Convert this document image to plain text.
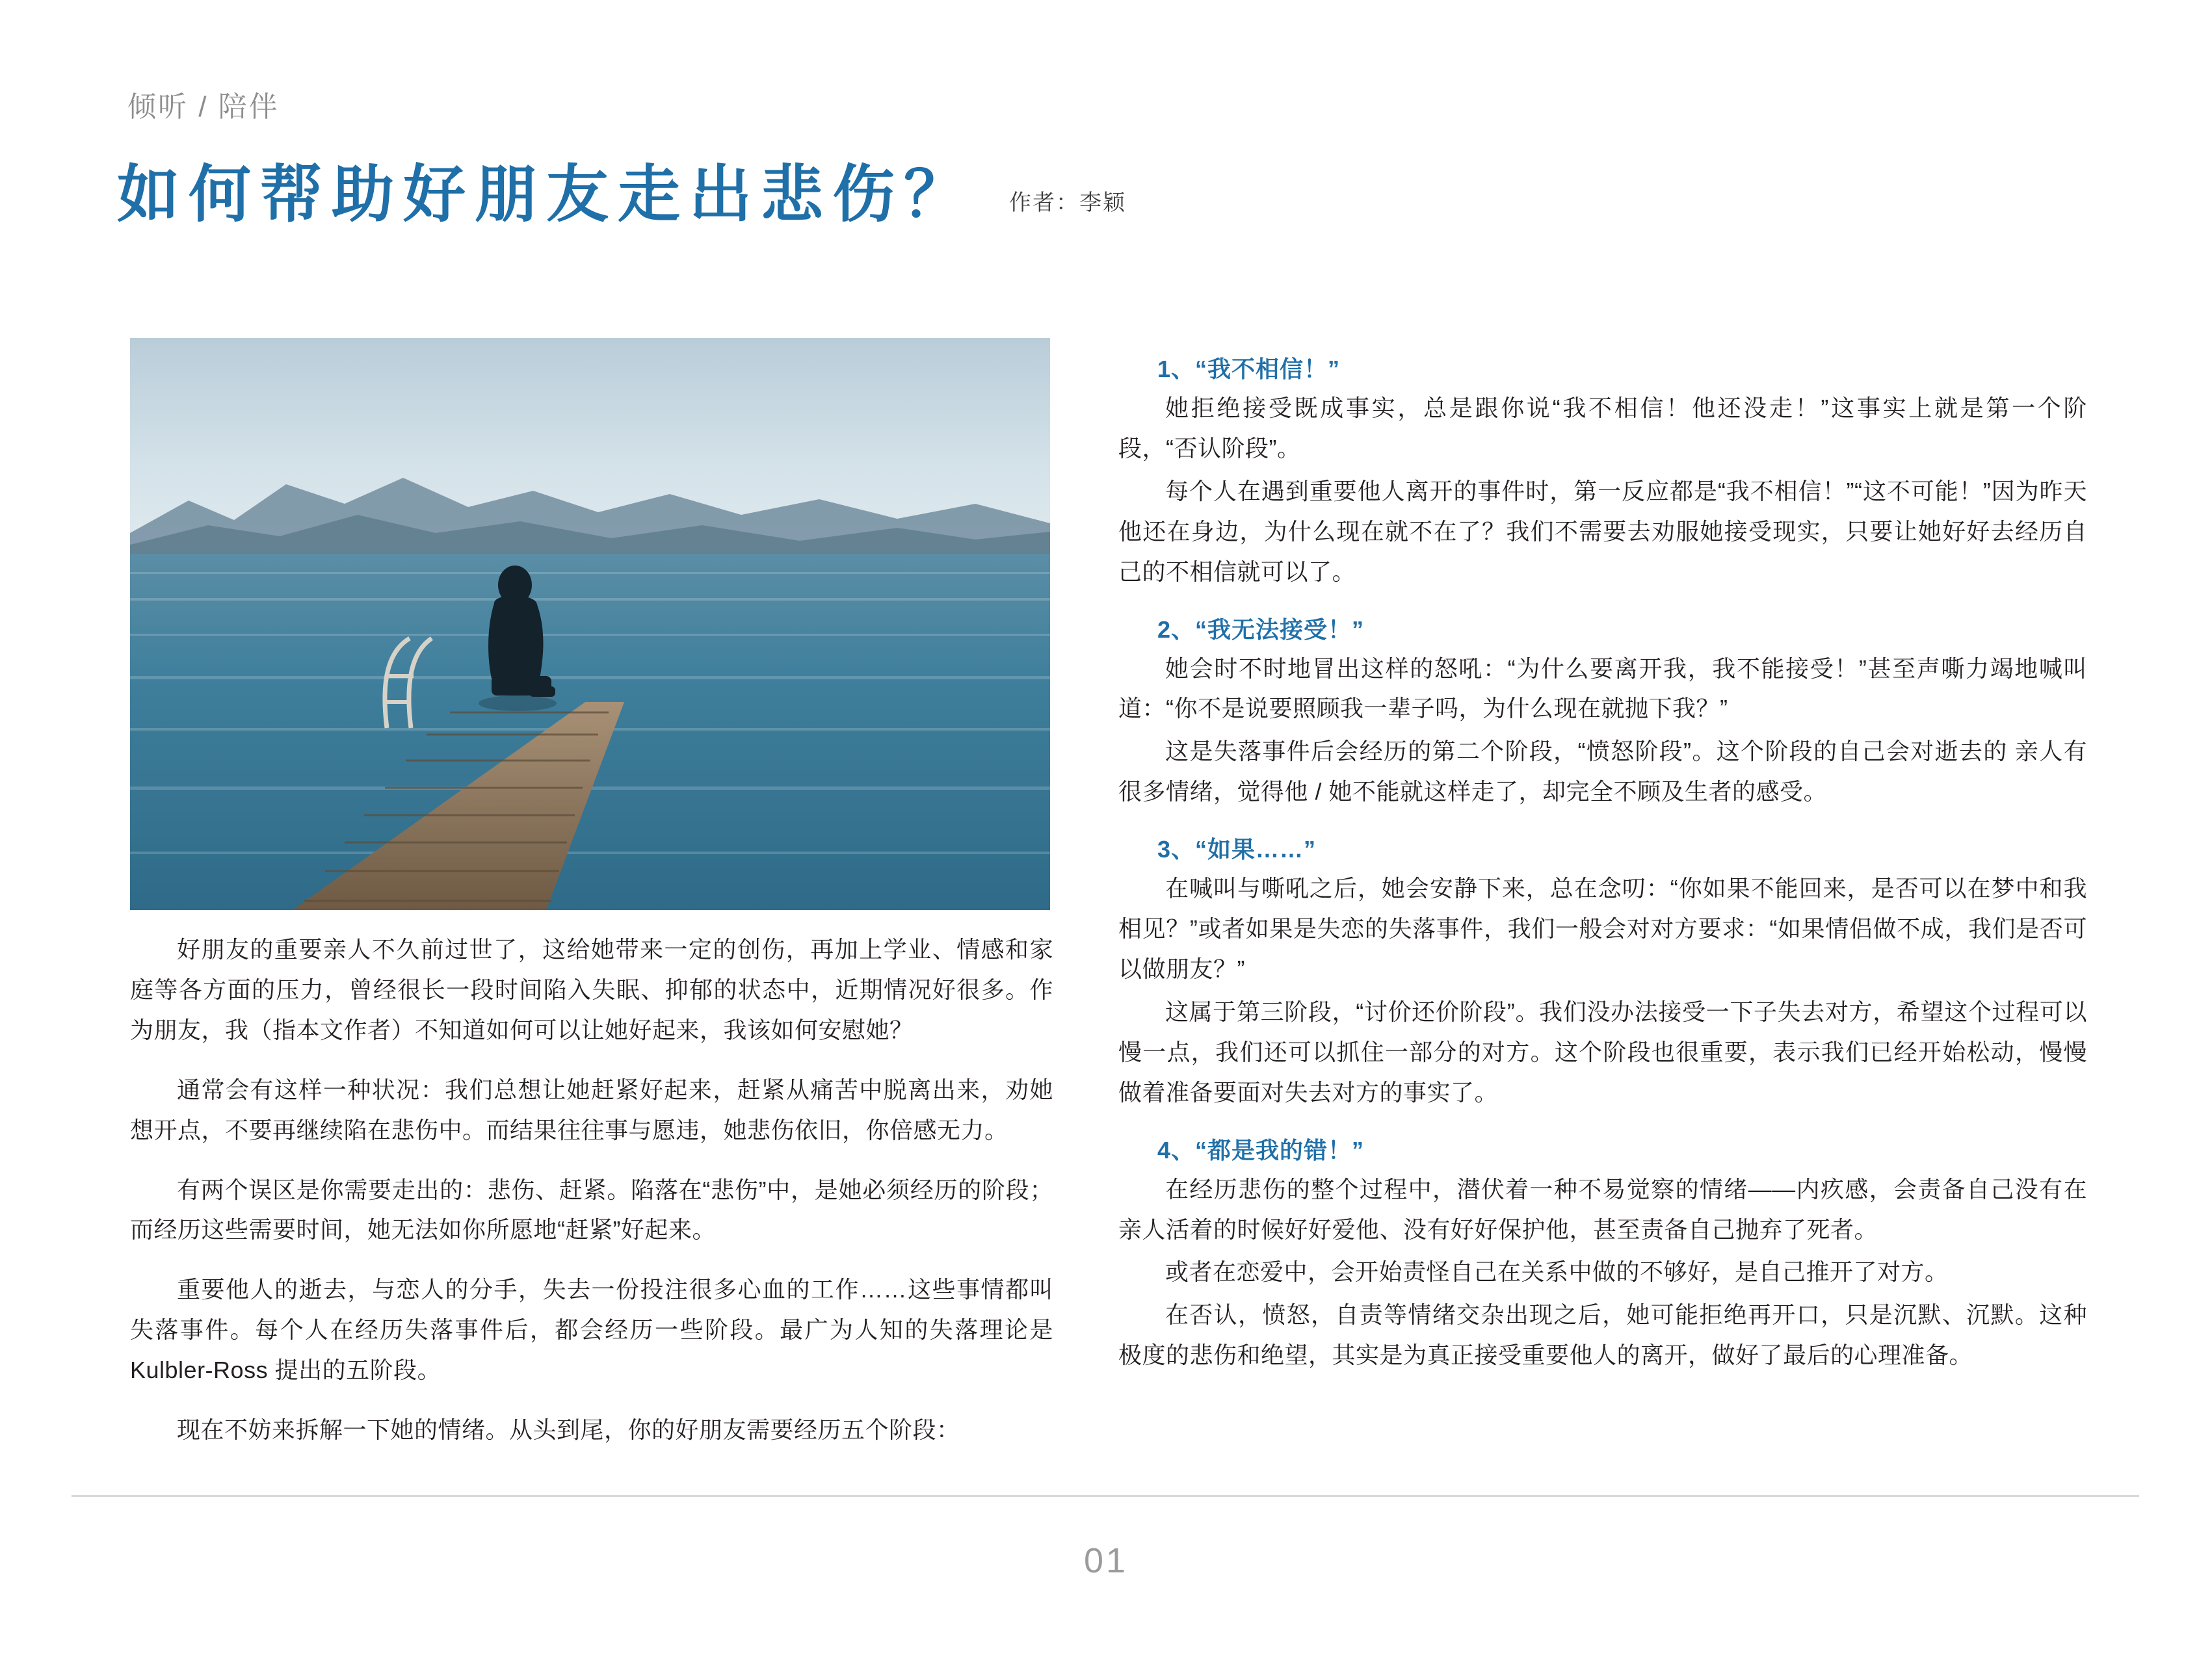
倾听 / 陪伴
如何帮助好朋友走出悲伤？ 作者：李颖

好朋友的重要亲人不久前过世了，这给她带来一定的创伤，再加上学业、情感和家庭等各方面的压力，曾经很长一段时间陷入失眠、抑郁的状态中，近期情况好很多。作为朋友，我（指本文作者）不知道如何可以让她好起来，我该如何安慰她？

通常会有这样一种状况：我们总想让她赶紧好起来，赶紧从痛苦中脱离出来，劝她想开点，不要再继续陷在悲伤中。而结果往往事与愿违，她悲伤依旧，你倍感无力。

有两个误区是你需要走出的：悲伤、赶紧。陷落在“悲伤”中，是她必须经历的阶段；而经历这些需要时间，她无法如你所愿地“赶紧”好起来。

重要他人的逝去，与恋人的分手，失去一份投注很多心血的工作……这些事情都叫失落事件。每个人在经历失落事件后，都会经历一些阶段。最广为人知的失落理论是 Kulbler-Ross 提出的五阶段。

现在不妨来拆解一下她的情绪。从头到尾，你的好朋友需要经历五个阶段：

1、“我不相信！”

她拒绝接受既成事实，总是跟你说“我不相信！他还没走！”这事实上就是第一个阶段，“否认阶段”。

每个人在遇到重要他人离开的事件时，第一反应都是“我不相信！”“这不可能！”因为昨天他还在身边，为什么现在就不在了？我们不需要去劝服她接受现实，只要让她好好去经历自己的不相信就可以了。

2、“我无法接受！”

她会时不时地冒出这样的怒吼：“为什么要离开我，我不能接受！”甚至声嘶力竭地喊叫道：“你不是说要照顾我一辈子吗，为什么现在就抛下我？”

这是失落事件后会经历的第二个阶段，“愤怒阶段”。这个阶段的自己会对逝去的 亲人有很多情绪，觉得他 / 她不能就这样走了，却完全不顾及生者的感受。

3、“如果……”

在喊叫与嘶吼之后，她会安静下来，总在念叨：“你如果不能回来，是否可以在梦中和我相见？”或者如果是失恋的失落事件，我们一般会对对方要求：“如果情侣做不成，我们是否可以做朋友？”

这属于第三阶段，“讨价还价阶段”。我们没办法接受一下子失去对方，希望这个过程可以慢一点，我们还可以抓住一部分的对方。这个阶段也很重要，表示我们已经开始松动，慢慢做着准备要面对失去对方的事实了。

4、“都是我的错！”

在经历悲伤的整个过程中，潜伏着一种不易觉察的情绪——内疚感，会责备自己没有在亲人活着的时候好好爱他、没有好好保护他，甚至责备自己抛弃了死者。

或者在恋爱中，会开始责怪自己在关系中做的不够好，是自己推开了对方。

在否认，愤怒，自责等情绪交杂出现之后，她可能拒绝再开口，只是沉默、沉默。这种极度的悲伤和绝望，其实是为真正接受重要他人的离开，做好了最后的心理准备。

01
